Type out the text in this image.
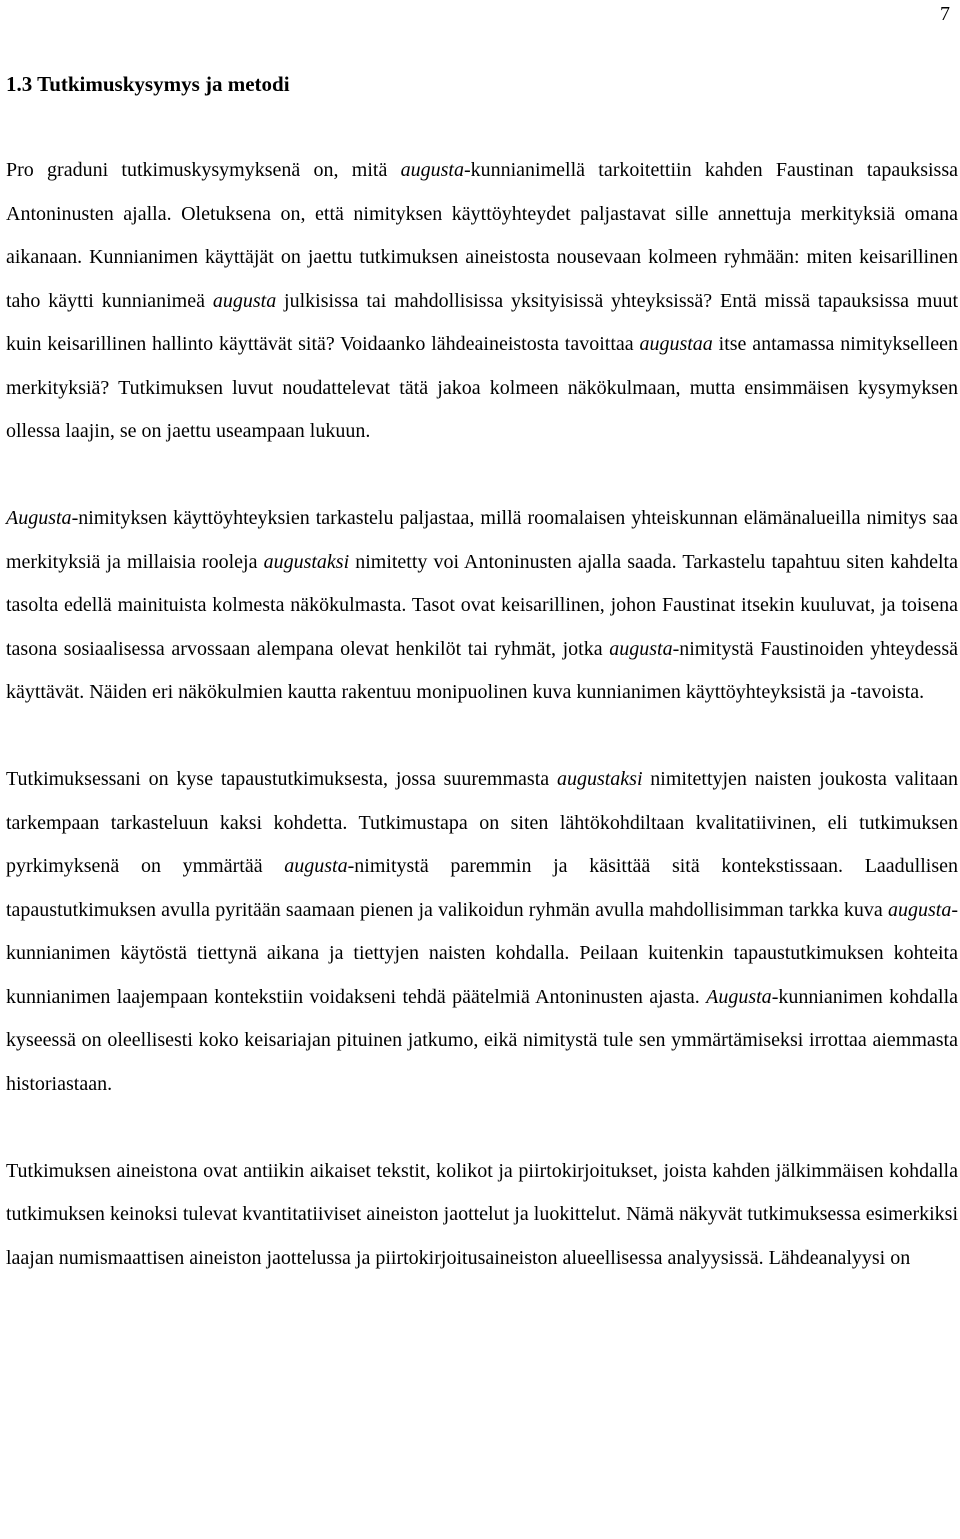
7
1.3 Tutkimuskysymys ja metodi

Pro graduni tutkimuskysymyksenä on, mitä augusta-kunnianimellä tarkoitettiin kahden Faustinan tapauksissa Antoninusten ajalla. Oletuksena on, että nimityksen käyttöyhteydet paljastavat sille annettuja merkityksiä omana aikanaan. Kunnianimen käyttäjät on jaettu tutkimuksen aineistosta nousevaan kolmeen ryhmään: miten keisarillinen taho käytti kunnianimeä augusta julkisissa tai mahdollisissa yksityisissä yhteyksissä? Entä missä tapauksissa muut kuin keisarillinen hallinto käyttävät sitä? Voidaanko lähdeaineistosta tavoittaa augustaa itse antamassa nimitykselleen merkityksiä? Tutkimuksen luvut noudattelevat tätä jakoa kolmeen näkökulmaan, mutta ensimmäisen kysymyksen ollessa laajin, se on jaettu useampaan lukuun.

Augusta-nimityksen käyttöyhteyksien tarkastelu paljastaa, millä roomalaisen yhteiskunnan elämänalueilla nimitys saa merkityksiä ja millaisia rooleja augustaksi nimitetty voi Antoninusten ajalla saada. Tarkastelu tapahtuu siten kahdelta tasolta edellä mainituista kolmesta näkökulmasta. Tasot ovat keisarillinen, johon Faustinat itsekin kuuluvat, ja toisena tasona sosiaalisessa arvossaan alempana olevat henkilöt tai ryhmät, jotka augusta-nimitystä Faustinoiden yhteydessä käyttävät. Näiden eri näkökulmien kautta rakentuu monipuolinen kuva kunnianimen käyttöyhteyksistä ja -tavoista.

Tutkimuksessani on kyse tapaustutkimuksesta, jossa suuremmasta augustaksi nimitettyjen naisten joukosta valitaan tarkempaan tarkasteluun kaksi kohdetta. Tutkimustapa on siten lähtökohdiltaan kvalitatiivinen, eli tutkimuksen pyrkimyksenä on ymmärtää augusta-nimitystä paremmin ja käsittää sitä kontekstissaan. Laadullisen tapaustutkimuksen avulla pyritään saamaan pienen ja valikoidun ryhmän avulla mahdollisimman tarkka kuva augusta-kunnianimen käytöstä tiettynä aikana ja tiettyjen naisten kohdalla. Peilaan kuitenkin tapaustutkimuksen kohteita kunnianimen laajempaan kontekstiin voidakseni tehdä päätelmiä Antoninusten ajasta. Augusta-kunnianimen kohdalla kyseessä on oleellisesti koko keisariajan pituinen jatkumo, eikä nimitystä tule sen ymmärtämiseksi irrottaa aiemmasta historiastaan.

Tutkimuksen aineistona ovat antiikin aikaiset tekstit, kolikot ja piirtokirjoitukset, joista kahden jälkimmäisen kohdalla tutkimuksen keinoksi tulevat kvantitatiiviset aineiston jaottelut ja luokittelut. Nämä näkyvät tutkimuksessa esimerkiksi laajan numismaattisen aineiston jaottelussa ja piirtokirjoitusaineiston alueellisessa analyysissä. Lähdeanalyysi on
